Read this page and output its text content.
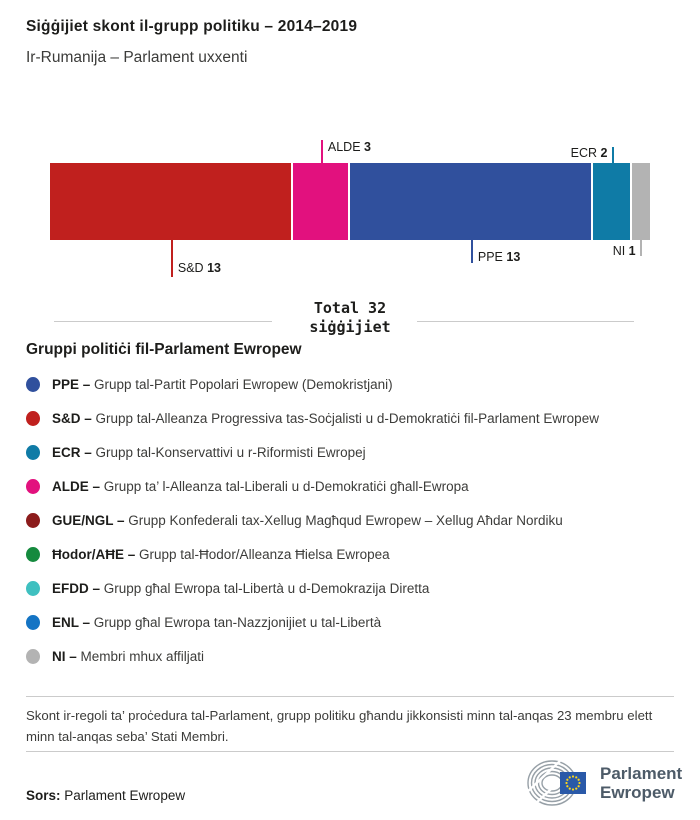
Siġġijiet skont il-grupp politiku – 2014–2019
Ir-Rumanija – Parlament uxxenti
S&D 13
ALDE 3
PPE 13
ECR 2
NI 1
Total 32
siġġijiet
Gruppi politiċi fil-Parlament Ewropew
PPE – Grupp tal-Partit Popolari Ewropew (Demokristjani)
S&D – Grupp tal-Alleanza Progressiva tas-Soċjalisti u d-Demokratiċi fil-Parlament Ewropew
ECR – Grupp tal-Konservattivi u r-Riformisti Ewropej
ALDE – Grupp ta’ l-Alleanza tal-Liberali u d-Demokratiċi għall-Ewropa
GUE/NGL – Grupp Konfederali tax-Xellug Magħqud Ewropew – Xellug Aħdar Nordiku
Ħodor/AĦE – Grupp tal-Ħodor/Alleanza Ħielsa Ewropea
EFDD – Grupp għal Ewropa tal-Libertà u d-Demokrazija Diretta
ENL – Grupp għal Ewropa tan-Nazzjonijiet u tal-Libertà
NI – Membri mhux affiljati
Skont ir-regoli ta’ proċedura tal-Parlament, grupp politiku għandu jikkonsisti minn tal-anqas 23 membru elett minn tal-anqas seba’ Stati Membri.
Sors: Parlament Ewropew
Parlament
Ewropew
